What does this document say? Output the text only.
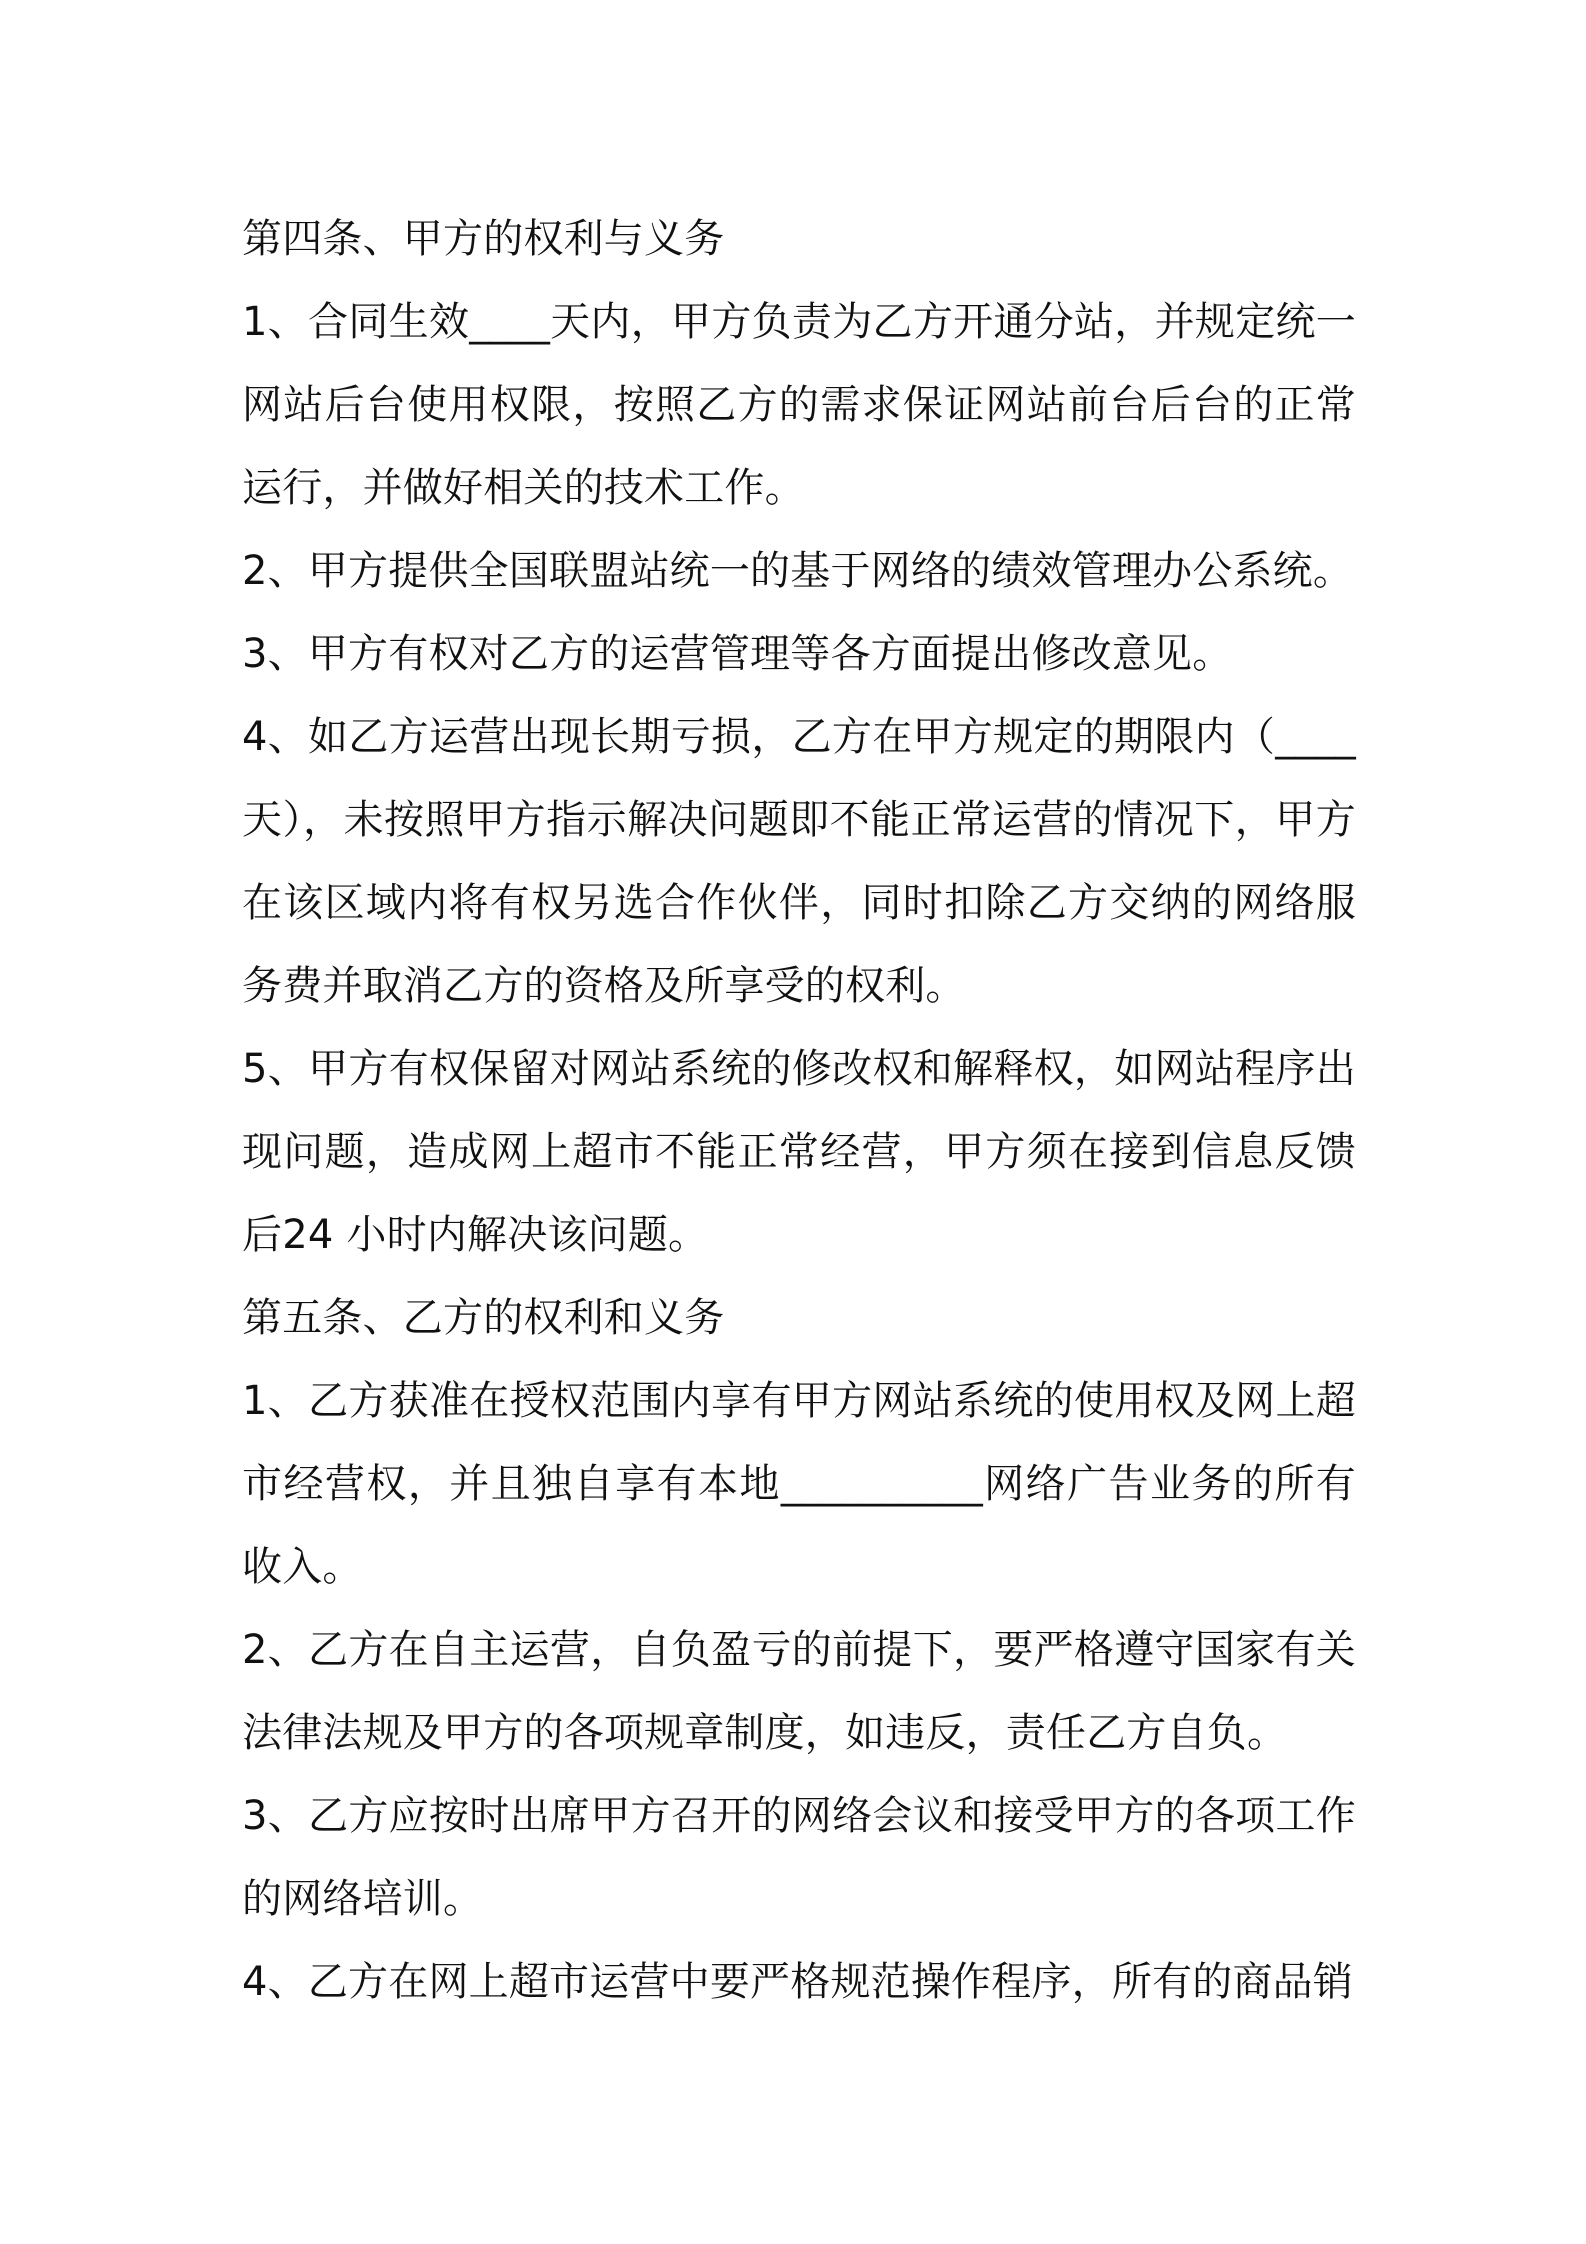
第四条、甲方的权利与义务

1、合同生效____天内，甲方负责为乙方开通分站，并规定统一网站后台使用权限，按照乙方的需求保证网站前台后台的正常运行，并做好相关的技术工作。

2、甲方提供全国联盟站统一的基于网络的绩效管理办公系统。

3、甲方有权对乙方的运营管理等各方面提出修改意见。

4、如乙方运营出现长期亏损，乙方在甲方规定的期限内（____天），未按照甲方指示解决问题即不能正常运营的情况下，甲方在该区域内将有权另选合作伙伴，同时扣除乙方交纳的网络服务费并取消乙方的资格及所享受的权利。

5、甲方有权保留对网站系统的修改权和解释权，如网站程序出现问题，造成网上超市不能正常经营，甲方须在接到信息反馈后24 小时内解决该问题。

第五条、乙方的权利和义务

1、乙方获准在授权范围内享有甲方网站系统的使用权及网上超市经营权，并且独自享有本地__________网络广告业务的所有收入。

2、乙方在自主运营，自负盈亏的前提下，要严格遵守国家有关法律法规及甲方的各项规章制度，如违反，责任乙方自负。

3、乙方应按时出席甲方召开的网络会议和接受甲方的各项工作的网络培训。

4、乙方在网上超市运营中要严格规范操作程序，所有的商品销
